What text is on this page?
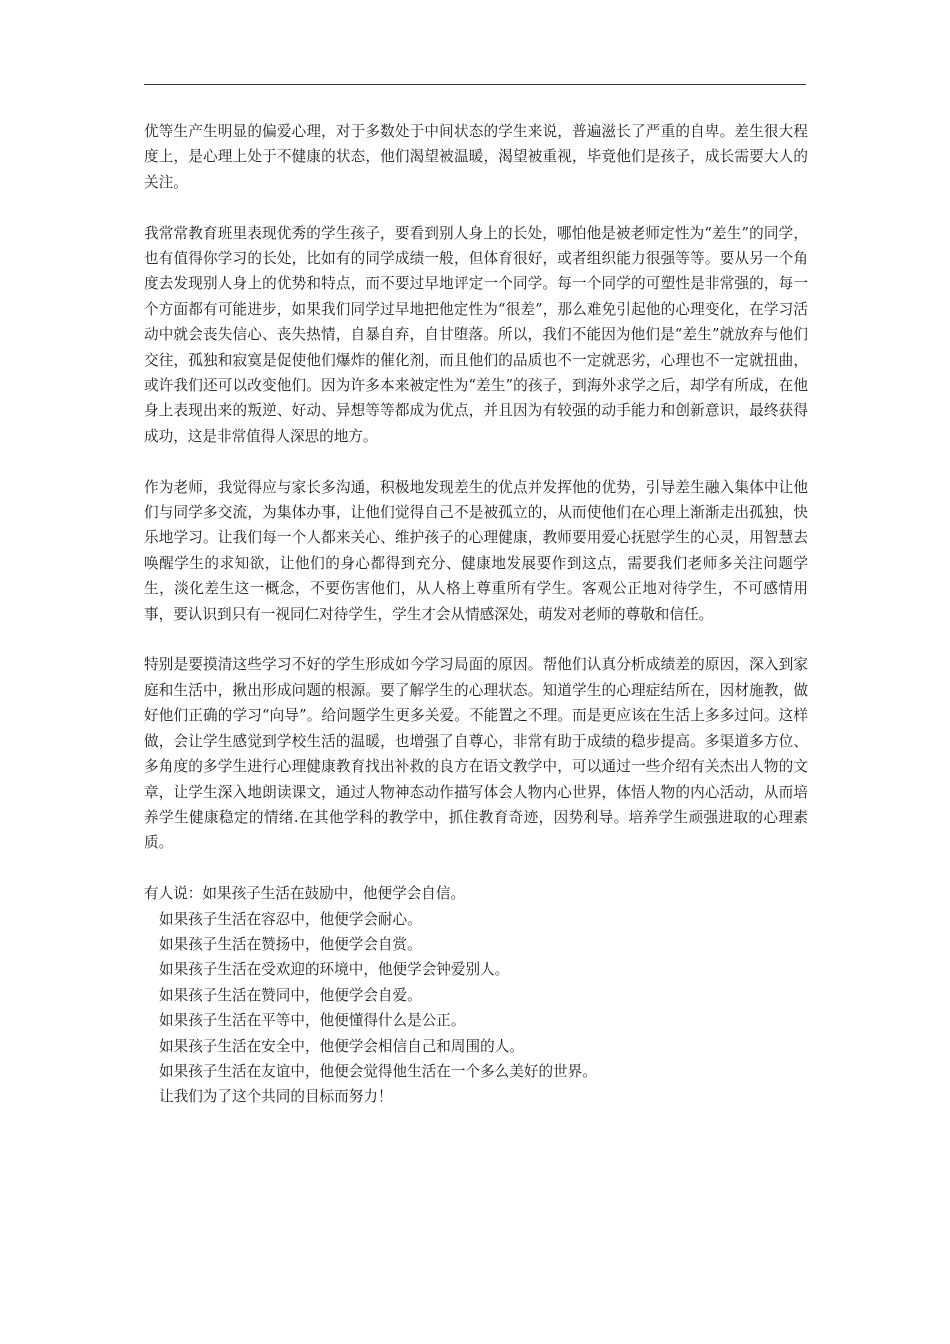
优等生产生明显的偏爱心理，对于多数处于中间状态的学生来说，普遍滋长了严重的自卑。差生很大程度上，是心理上处于不健康的状态，他们渴望被温暖，渴望被重视，毕竟他们是孩子，成长需要大人的关注。

我常常教育班里表现优秀的学生孩子，要看到别人身上的长处，哪怕他是被老师定性为“差生”的同学，也有值得你学习的长处，比如有的同学成绩一般，但体育很好，或者组织能力很强等等。要从另一个角度去发现别人身上的优势和特点，而不要过早地评定一个同学。每一个同学的可塑性是非常强的，每一个方面都有可能进步，如果我们同学过早地把他定性为“很差”，那么难免引起他的心理变化，在学习活动中就会丧失信心、丧失热情，自暴自弃，自甘堕落。所以，我们不能因为他们是“差生”就放弃与他们交往，孤独和寂寞是促使他们爆炸的催化剂，而且他们的品质也不一定就恶劣，心理也不一定就扭曲，或许我们还可以改变他们。因为许多本来被定性为“差生”的孩子，到海外求学之后，却学有所成，在他身上表现出来的叛逆、好动、异想等等都成为优点，并且因为有较强的动手能力和创新意识，最终获得成功，这是非常值得人深思的地方。

作为老师，我觉得应与家长多沟通，积极地发现差生的优点并发挥他的优势，引导差生融入集体中让他们与同学多交流，为集体办事，让他们觉得自己不是被孤立的，从而使他们在心理上渐渐走出孤独，快乐地学习。让我们每一个人都来关心、维护孩子的心理健康，教师要用爱心抚慰学生的心灵，用智慧去唤醒学生的求知欲，让他们的身心都得到充分、健康地发展要作到这点，需要我们老师多关注问题学生，淡化差生这一概念，不要伤害他们，从人格上尊重所有学生。客观公正地对待学生，不可感情用事，要认识到只有一视同仁对待学生，学生才会从情感深处，萌发对老师的尊敬和信任。

特别是要摸清这些学习不好的学生形成如今学习局面的原因。帮他们认真分析成绩差的原因，深入到家庭和生活中，揪出形成问题的根源。要了解学生的心理状态。知道学生的心理症结所在，因材施教，做好他们正确的学习“向导”。给问题学生更多关爱。不能置之不理。而是更应该在生活上多多过问。这样做，会让学生感觉到学校生活的温暖，也增强了自尊心，非常有助于成绩的稳步提高。多渠道多方位、多角度的多学生进行心理健康教育找出补救的良方在语文教学中，可以通过一些介绍有关杰出人物的文章，让学生深入地朗读课文，通过人物神态动作描写体会人物内心世界，体悟人物的内心活动，从而培养学生健康稳定的情绪.在其他学科的教学中，抓住教育奇迹，因势利导。培养学生顽强进取的心理素质。

有人说：如果孩子生活在鼓励中，他便学会自信。

如果孩子生活在容忍中，他便学会耐心。

如果孩子生活在赞扬中，他便学会自赏。

如果孩子生活在受欢迎的环境中，他便学会钟爱别人。

如果孩子生活在赞同中，他便学会自爱。

如果孩子生活在平等中，他便懂得什么是公正。

如果孩子生活在安全中，他便学会相信自己和周围的人。

如果孩子生活在友谊中，他便会觉得他生活在一个多么美好的世界。

让我们为了这个共同的目标而努力！
